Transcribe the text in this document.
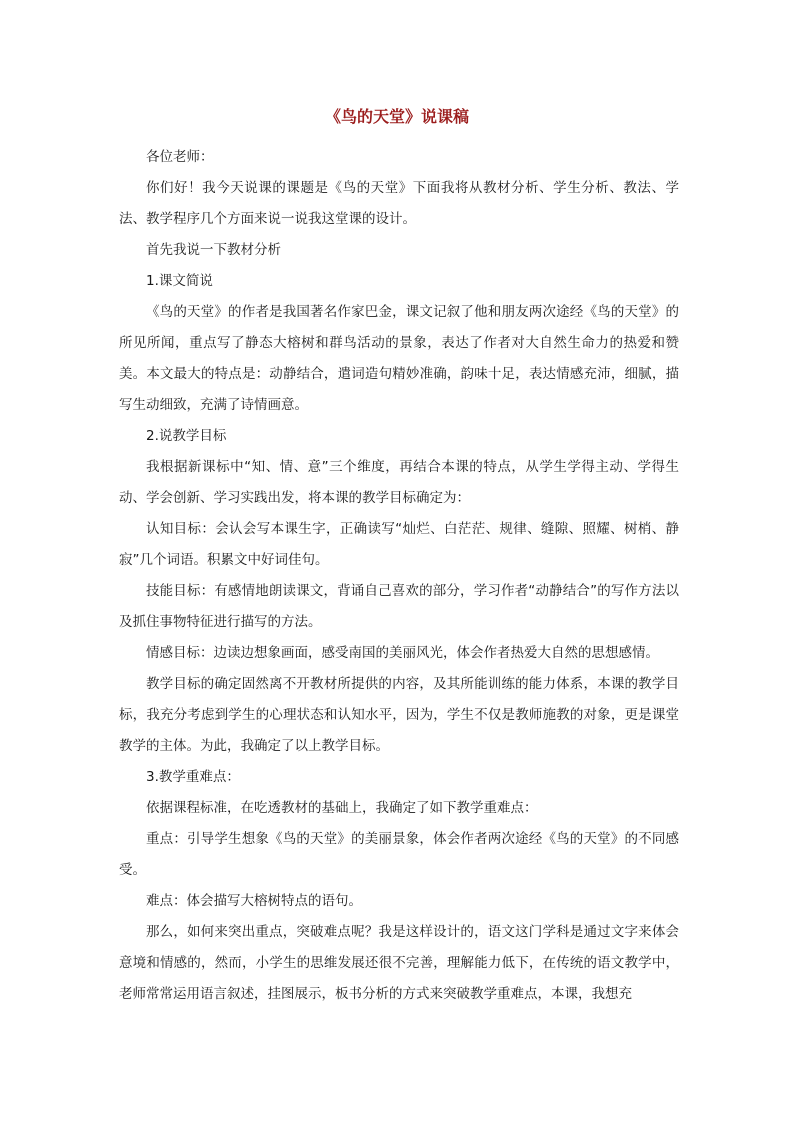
《鸟的天堂》说课稿

各位老师：

你们好！我今天说课的课题是《鸟的天堂》下面我将从教材分析、学生分析、教法、学法、教学程序几个方面来说一说我这堂课的设计。

首先我说一下教材分析

1.课文简说

《鸟的天堂》的作者是我国著名作家巴金，课文记叙了他和朋友两次途经《鸟的天堂》的所见所闻，重点写了静态大榕树和群鸟活动的景象，表达了作者对大自然生命力的热爱和赞美。本文最大的特点是：动静结合，遣词造句精妙准确，韵味十足，表达情感充沛，细腻，描写生动细致，充满了诗情画意。

2.说教学目标

我根据新课标中“知、情、意”三个维度，再结合本课的特点，从学生学得主动、学得生动、学会创新、学习实践出发，将本课的教学目标确定为：

认知目标：会认会写本课生字，正确读写“灿烂、白茫茫、规律、缝隙、照耀、树梢、静寂”几个词语。积累文中好词佳句。

技能目标：有感情地朗读课文，背诵自己喜欢的部分，学习作者“动静结合”的写作方法以及抓住事物特征进行描写的方法。

情感目标：边读边想象画面，感受南国的美丽风光，体会作者热爱大自然的思想感情。

教学目标的确定固然离不开教材所提供的内容，及其所能训练的能力体系，本课的教学目标，我充分考虑到学生的心理状态和认知水平，因为，学生不仅是教师施教的对象，更是课堂教学的主体。为此，我确定了以上教学目标。

3.教学重难点：

依据课程标准，在吃透教材的基础上，我确定了如下教学重难点：

重点：引导学生想象《鸟的天堂》的美丽景象，体会作者两次途经《鸟的天堂》的不同感受。

难点：体会描写大榕树特点的语句。

那么，如何来突出重点，突破难点呢？我是这样设计的，语文这门学科是通过文字来体会意境和情感的，然而，小学生的思维发展还很不完善，理解能力低下，在传统的语文教学中，老师常常运用语言叙述，挂图展示，板书分析的方式来突破教学重难点，本课，我想充
